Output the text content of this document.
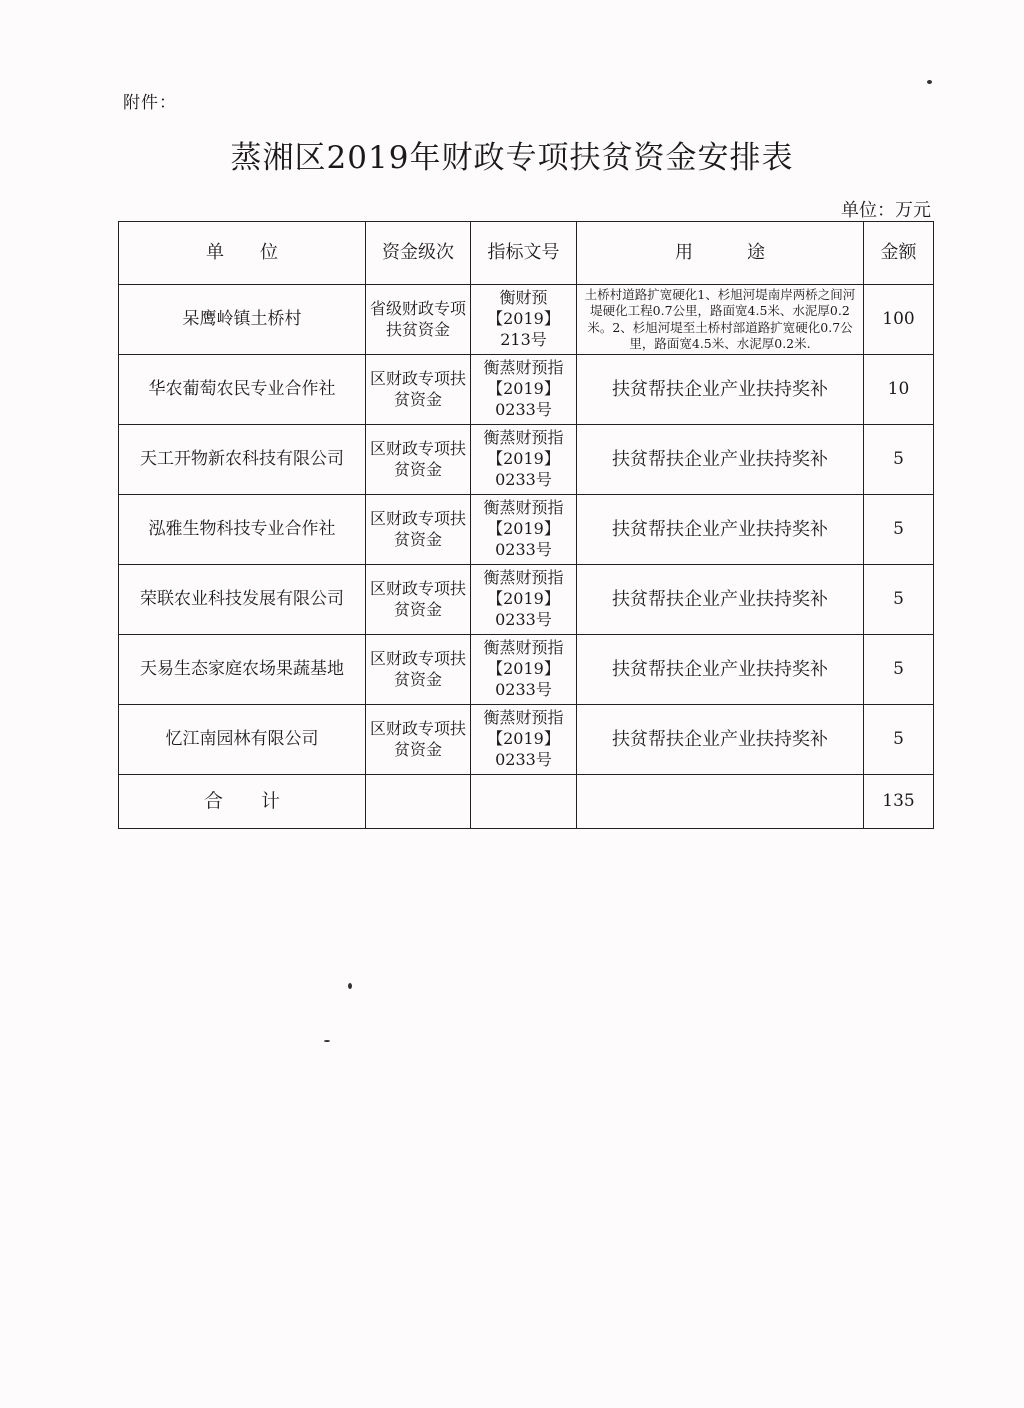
附件：
蒸湘区2019年财政专项扶贫资金安排表
单位：万元
单　　位	资金级次	指标文号	用　　　途	金额
呆鹰岭镇土桥村	省级财政专项扶贫资金	衡财预【2019】213号	土桥村道路扩宽硬化1、杉旭河堤南岸两桥之间河堤硬化工程0.7公里，路面宽4.5米、水泥厚0.2米。2、杉旭河堤至土桥村部道路扩宽硬化0.7公里，路面宽4.5米、水泥厚0.2米.	100
华农葡萄农民专业合作社	区财政专项扶贫资金	衡蒸财预指【2019】0233号	扶贫帮扶企业产业扶持奖补	10
天工开物新农科技有限公司	区财政专项扶贫资金	衡蒸财预指【2019】0233号	扶贫帮扶企业产业扶持奖补	5
泓雅生物科技专业合作社	区财政专项扶贫资金	衡蒸财预指【2019】0233号	扶贫帮扶企业产业扶持奖补	5
荣联农业科技发展有限公司	区财政专项扶贫资金	衡蒸财预指【2019】0233号	扶贫帮扶企业产业扶持奖补	5
天易生态家庭农场果蔬基地	区财政专项扶贫资金	衡蒸财预指【2019】0233号	扶贫帮扶企业产业扶持奖补	5
忆江南园林有限公司	区财政专项扶贫资金	衡蒸财预指【2019】0233号	扶贫帮扶企业产业扶持奖补	5
合　　计				135
